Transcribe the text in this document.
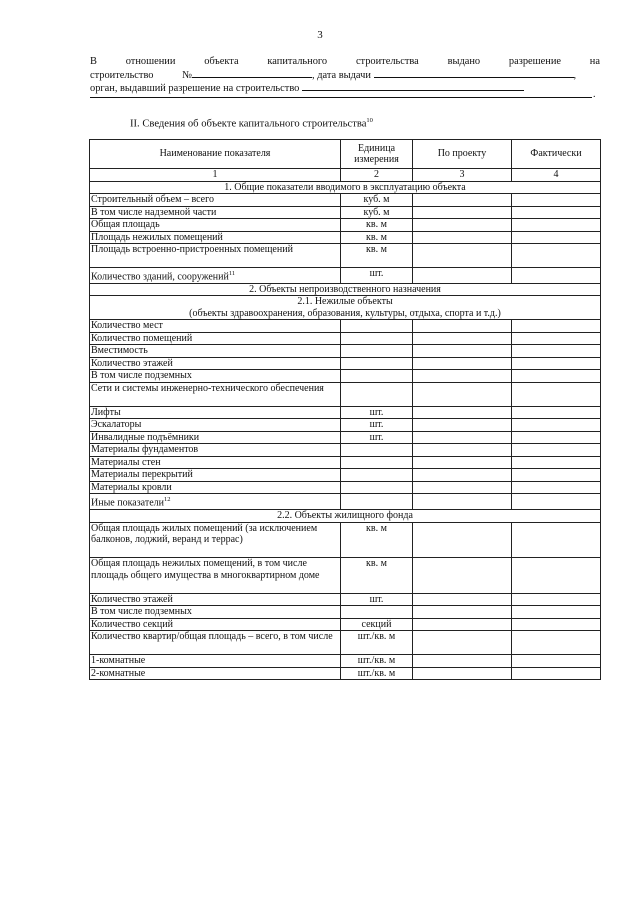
3
В	отношении	объекта	капитального	строительства	выдано	разрешение	на
строительство	№	, дата выдачи	,
орган, выдавший разрешение на строительство
.
II. Сведения об объекте капитального строительства$^{10}$
Наименование показателя	Единица измерения	По проекту	Фактически
1	2	3	4
1. Общие показатели вводимого в эксплуатацию объекта			
Строительный объем – всего	куб. м		
В том числе надземной части	куб. м		
Общая площадь	кв. м		
Площадь нежилых помещений	кв. м		
Площадь встроенно-пристроенных помещений	кв. м		
Количество зданий, сооружений$^{11}$	шт.		
2. Объекты непроизводственного назначения			

2.1. Нежилые объекты
(объекты здравоохранения, образования, культуры, отдыха, спорта и т.д.)			

Количество мест			
Количество помещений			
Вместимость			
Количество этажей			
В том числе подземных			
Сети и системы инженерно-технического обеспечения			
Лифты	шт.		
Эскалаторы	шт.		
Инвалидные подъёмники	шт.		
Материалы фундаментов			
Материалы стен			
Материалы перекрытий			
Материалы кровли			
Иные показатели$^{12}$			
2.2. Объекты жилищного фонда			
Общая площадь жилых помещений (за исключением балконов, лоджий, веранд и террас)	кв. м		
Общая площадь нежилых помещений, в том числе площадь общего имущества в многоквартирном доме	кв. м		
Количество этажей	шт.		
В том числе подземных			
Количество секций	секций		
Количество квартир/общая площадь – всего, в том числе	шт./кв. м		
1-комнатные	шт./кв. м		
2-комнатные	шт./кв. м		
